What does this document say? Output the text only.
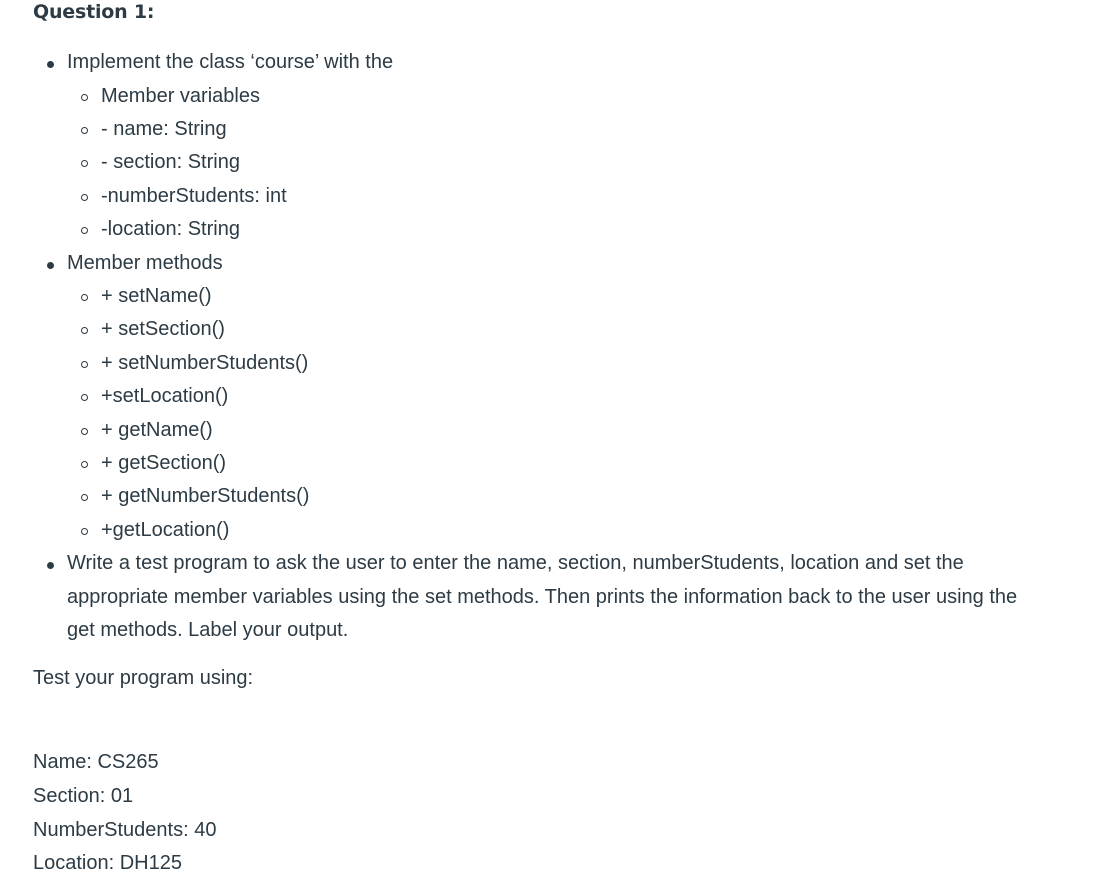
Question 1:
Implement the class ‘course’ with the
Member variables
- name: String
- section: String
-numberStudents: int
-location: String
Member methods
+ setName()
+ setSection()
+ setNumberStudents()
+setLocation()
+ getName()
+ getSection()
+ getNumberStudents()
+getLocation()
Write a test program to ask the user to enter the name, section, numberStudents, location and set the appropriate member variables using the set methods. Then prints the information back to the user using the get methods. Label your output.

Test your program using:

Name: CS265
Section: 01
NumberStudents: 40
Location: DH125
